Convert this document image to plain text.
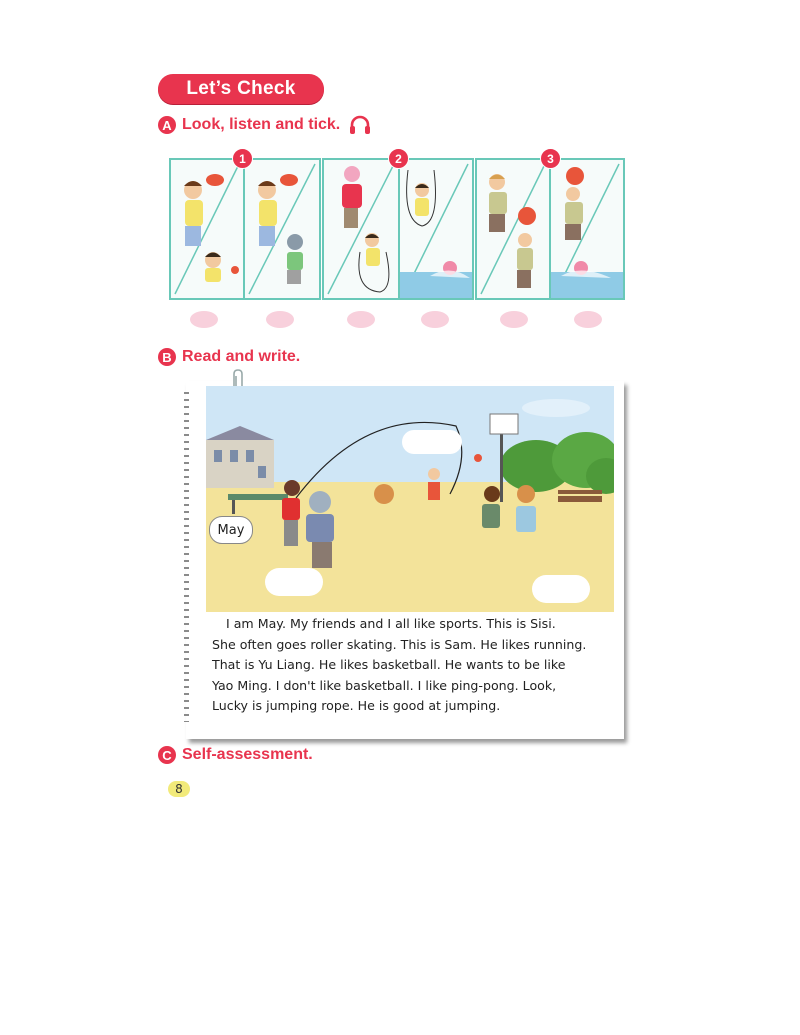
Let’s Check
A Look, listen and tick.
1	2	3
B Read and write.
May
I am May. My friends and I all like sports. This is Sisi.
She often goes roller skating. This is Sam. He likes running.
That is Yu Liang. He likes basketball. He wants to be like
Yao Ming. I don't like basketball. I like ping-pong. Look,
Lucky is jumping rope. He is good at jumping.
C Self-assessment.
8
